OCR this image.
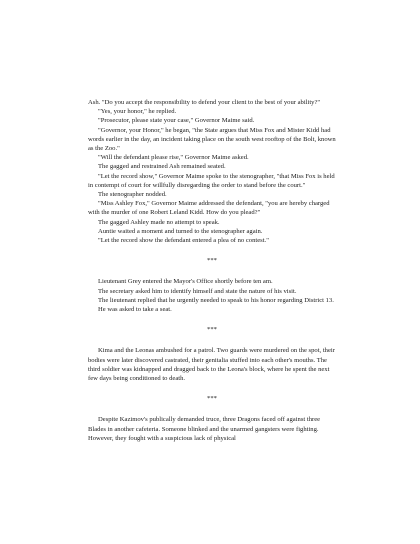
Ash. "Do you accept the responsibility to defend your client to the best of your ability?"

"Yes, your honor," he replied.

"Prosecutor, please state your case," Governor Maime said.

"Governor, your Honor," he began, "the State argues that Miss Fox and Mister Kidd had words earlier in the day, an incident taking place on the south west rooftop of the Bolt, known as the Zoo."

"Will the defendant please rise," Governor Maime asked.

The gagged and restrained Ash remained seated.

"Let the record show," Governor Maime spoke to the stenographer, "that Miss Fox is held in contempt of court for willfully disregarding the order to stand before the court."

The stenographer nodded.

"Miss Ashley Fox," Governor Maime addressed the defendant, "you are hereby charged with the murder of one Robert Leland Kidd. How do you plead?"

The gagged Ashley made no attempt to speak.

Auntie waited a moment and turned to the stenographer again.

"Let the record show the defendant entered a plea of no contest."

***

Lieutenant Grey entered the Mayor's Office shortly before ten am.

The secretary asked him to identify himself and state the nature of his visit.

The lieutenant replied that he urgently needed to speak to his honor regarding District 13.

He was asked to take a seat.

***

Kima and the Leonas ambushed for a patrol. Two guards were murdered on the spot, their bodies were later discovered castrated, their genitalia stuffed into each other's mouths. The third soldier was kidnapped and dragged back to the Leona's block, where he spent the next few days being conditioned to death.

***

Despite Kazimov's publically demanded truce, three Dragons faced off against three Blades in another cafeteria. Someone blinked and the unarmed gangsters were fighting. However, they fought with a suspicious lack of physical
